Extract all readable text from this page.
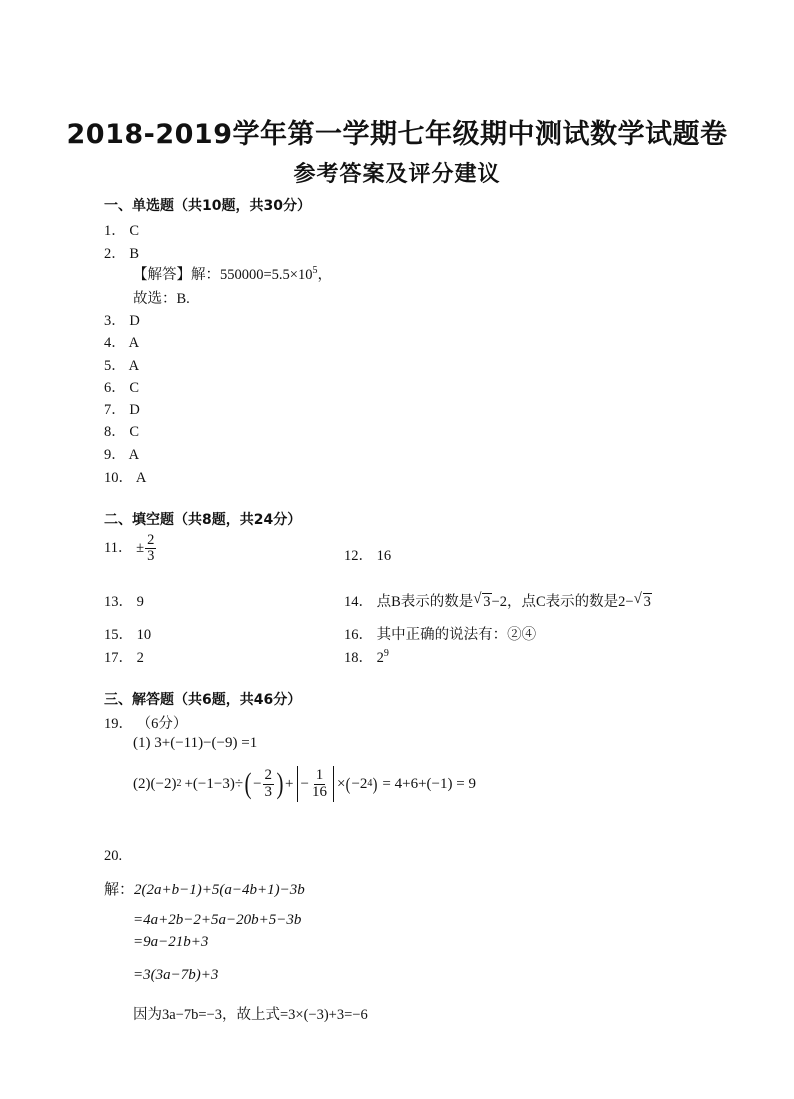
2018-2019学年第一学期七年级期中测试数学试题卷
参考答案及评分建议
一、单选题（共10题，共30分）
1． C
2． B
【解答】解：$550000=5.5\times 10^5$，
故选：B.
3． D
4． A
5． A
6． C
7． D
8． C
9． A
10． A
二、填空题（共8题，共24分）
11． ± $\frac{2}{3}$	12． 16
13． 9	14． 点B表示的数是 √ 3−2，点C表示的数是2− √ 3
15． 10	16． 其中正确的说法有：②④
17． 2	18． $2^9$
三、解答题（共6题，共46分）
19． （6分）
(1) 3+(−11)−(−9) =1
(2) (−2) 2 +(−1−3)÷ ( − $\frac{2}{3}$ ) + − $\frac{1}{16}$ × ( −2 4 ) = 4+6+(−1) = 9
20.
解：2(2a+b−1)+5(a−4b+1)−3b
=4a+2b−2+5a−20b+5−3b
=9a−21b+3
=3(3a−7b)+3
因为3a−7b=−3，故上式=3×(−3)+3=−6
